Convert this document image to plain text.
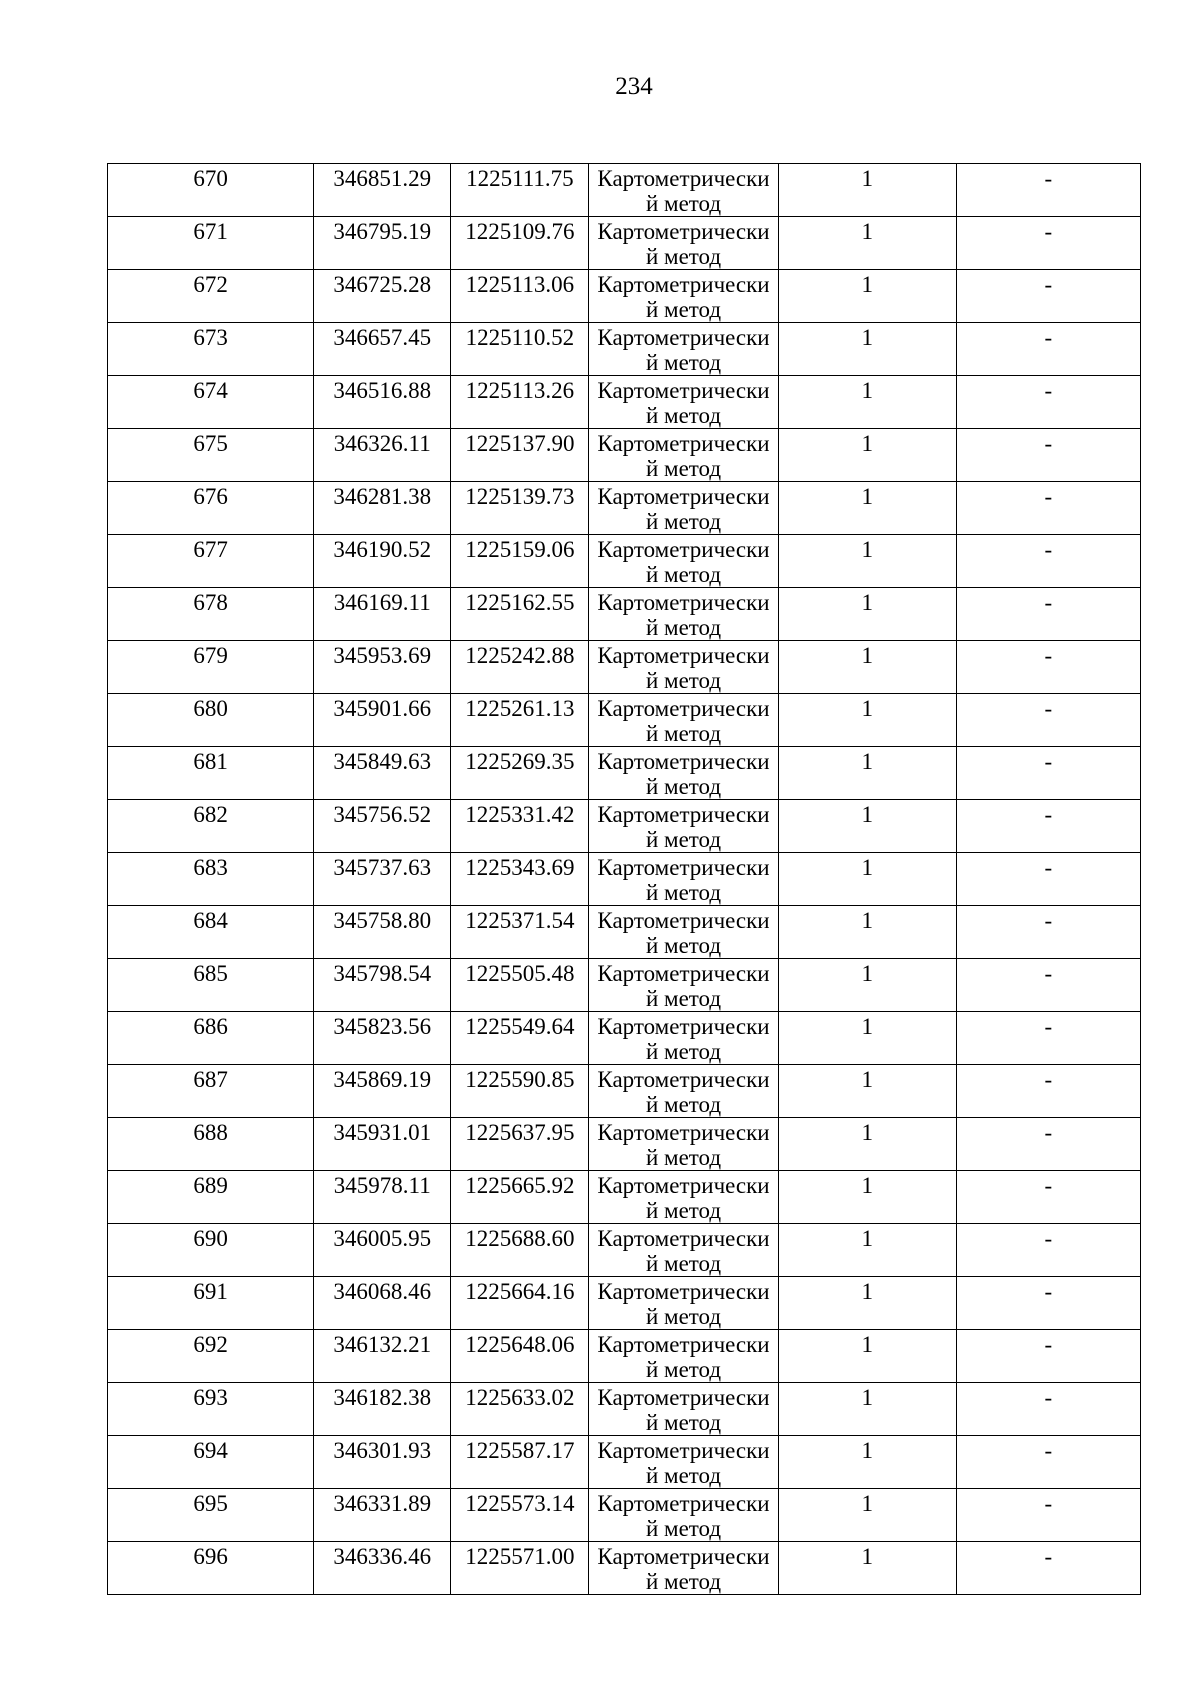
234
670	346851.29	1225111.75	Картометрически й метод	1	-
671	346795.19	1225109.76	Картометрически й метод	1	-
672	346725.28	1225113.06	Картометрически й метод	1	-
673	346657.45	1225110.52	Картометрически й метод	1	-
674	346516.88	1225113.26	Картометрически й метод	1	-
675	346326.11	1225137.90	Картометрически й метод	1	-
676	346281.38	1225139.73	Картометрически й метод	1	-
677	346190.52	1225159.06	Картометрически й метод	1	-
678	346169.11	1225162.55	Картометрически й метод	1	-
679	345953.69	1225242.88	Картометрически й метод	1	-
680	345901.66	1225261.13	Картометрически й метод	1	-
681	345849.63	1225269.35	Картометрически й метод	1	-
682	345756.52	1225331.42	Картометрически й метод	1	-
683	345737.63	1225343.69	Картометрически й метод	1	-
684	345758.80	1225371.54	Картометрически й метод	1	-
685	345798.54	1225505.48	Картометрически й метод	1	-
686	345823.56	1225549.64	Картометрически й метод	1	-
687	345869.19	1225590.85	Картометрически й метод	1	-
688	345931.01	1225637.95	Картометрически й метод	1	-
689	345978.11	1225665.92	Картометрически й метод	1	-
690	346005.95	1225688.60	Картометрически й метод	1	-
691	346068.46	1225664.16	Картометрически й метод	1	-
692	346132.21	1225648.06	Картометрически й метод	1	-
693	346182.38	1225633.02	Картометрически й метод	1	-
694	346301.93	1225587.17	Картометрически й метод	1	-
695	346331.89	1225573.14	Картометрически й метод	1	-
696	346336.46	1225571.00	Картометрически й метод	1	-
